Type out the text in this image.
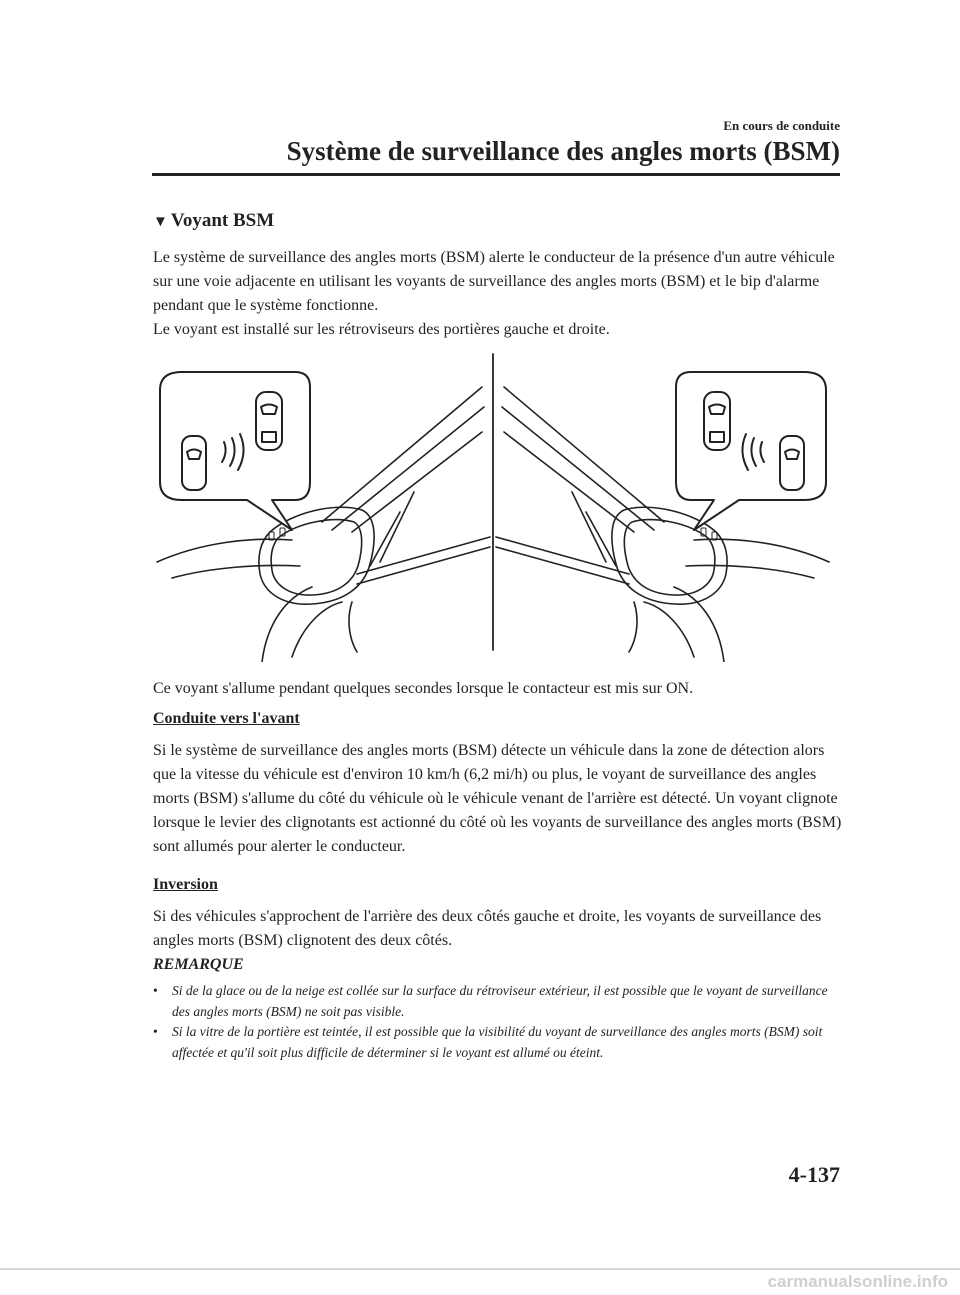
En cours de conduite
Système de surveillance des angles morts (BSM)
▼ Voyant BSM
Le système de surveillance des angles morts (BSM) alerte le conducteur de la présence d'un autre véhicule sur une voie adjacente en utilisant les voyants de surveillance des angles morts (BSM) et le bip d'alarme pendant que le système fonctionne.
Le voyant est installé sur les rétroviseurs des portières gauche et droite.
Ce voyant s'allume pendant quelques secondes lorsque le contacteur est mis sur ON.
Conduite vers l'avant
Si le système de surveillance des angles morts (BSM) détecte un véhicule dans la zone de détection alors que la vitesse du véhicule est d'environ 10 km/h (6,2 mi/h) ou plus, le voyant de surveillance des angles morts (BSM) s'allume du côté du véhicule où le véhicule venant de l'arrière est détecté. Un voyant clignote lorsque le levier des clignotants est actionné du côté où les voyants de surveillance des angles morts (BSM) sont allumés pour alerter le conducteur.
Inversion
Si des véhicules s'approchent de l'arrière des deux côtés gauche et droite, les voyants de surveillance des angles morts (BSM) clignotent des deux côtés.
REMARQUE
•	Si de la glace ou de la neige est collée sur la surface du rétroviseur extérieur, il est possible que le voyant de surveillance des angles morts (BSM) ne soit pas visible.
•	Si la vitre de la portière est teintée, il est possible que la visibilité du voyant de surveillance des angles morts (BSM) soit affectée et qu'il soit plus difficile de déterminer si le voyant est allumé ou éteint.
4-137
carmanualsonline.info
